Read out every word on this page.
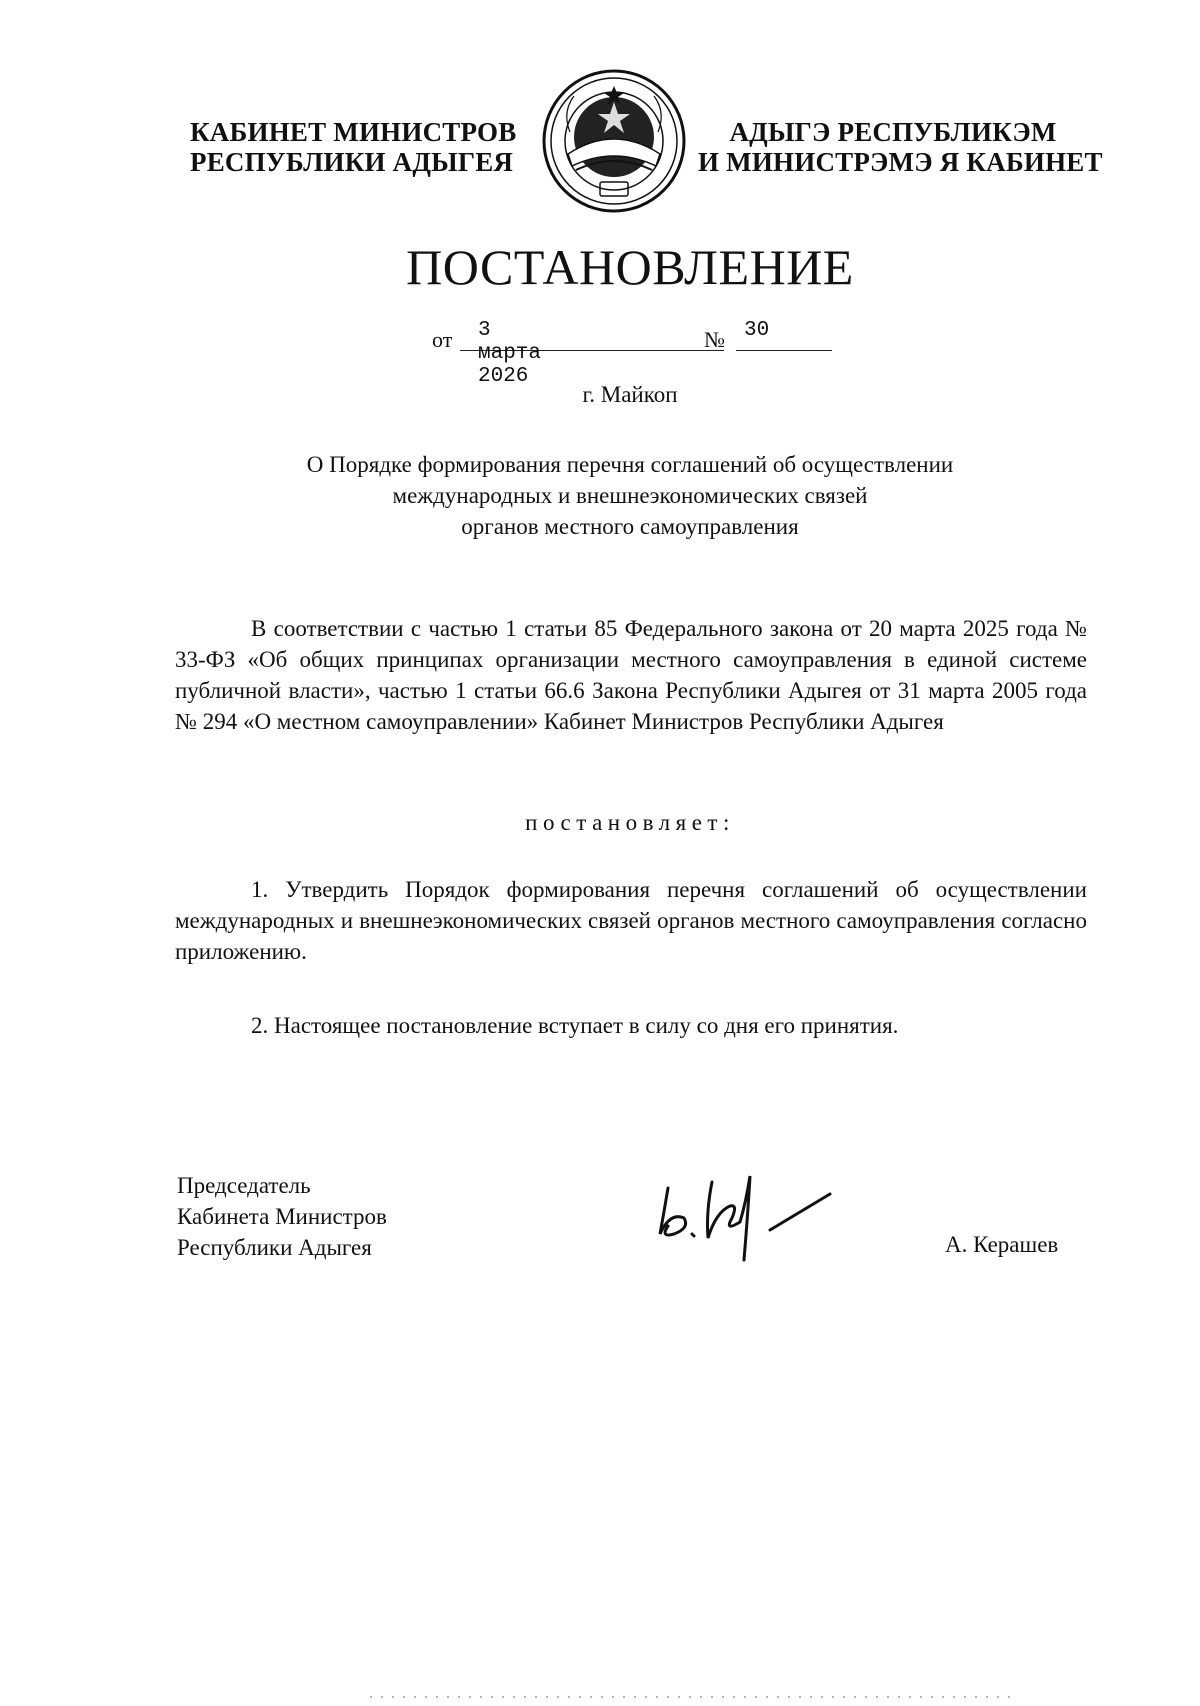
КАБИНЕТ МИНИСТРОВ
РЕСПУБЛИКИ АДЫГЕЯ
АДЫГЭ РЕСПУБЛИКЭМ
И МИНИСТРЭМЭ Я КАБИНЕТ
ПОСТАНОВЛЕНИЕ
от 3 марта 2026
№ 30
г. Майкоп
О Порядке формирования перечня соглашений об осуществлении
международных и внешнеэкономических связей
органов местного самоуправления
В соответствии с частью 1 статьи 85 Федерального закона от 20 марта 2025 года № 33-ФЗ «Об общих принципах организации местного самоуправления в единой системе публичной власти», частью 1 статьи 66.6 Закона Республики Адыгея от 31 марта 2005 года № 294 «О местном самоуправлении» Кабинет Министров Республики Адыгея
постановляет:
1. Утвердить Порядок формирования перечня соглашений об осуществлении международных и внешнеэкономических связей органов местного самоуправления согласно приложению.
2. Настоящее постановление вступает в силу со дня его принятия.
Председатель
Кабинета Министров
Республики Адыгея	А. Керашев
